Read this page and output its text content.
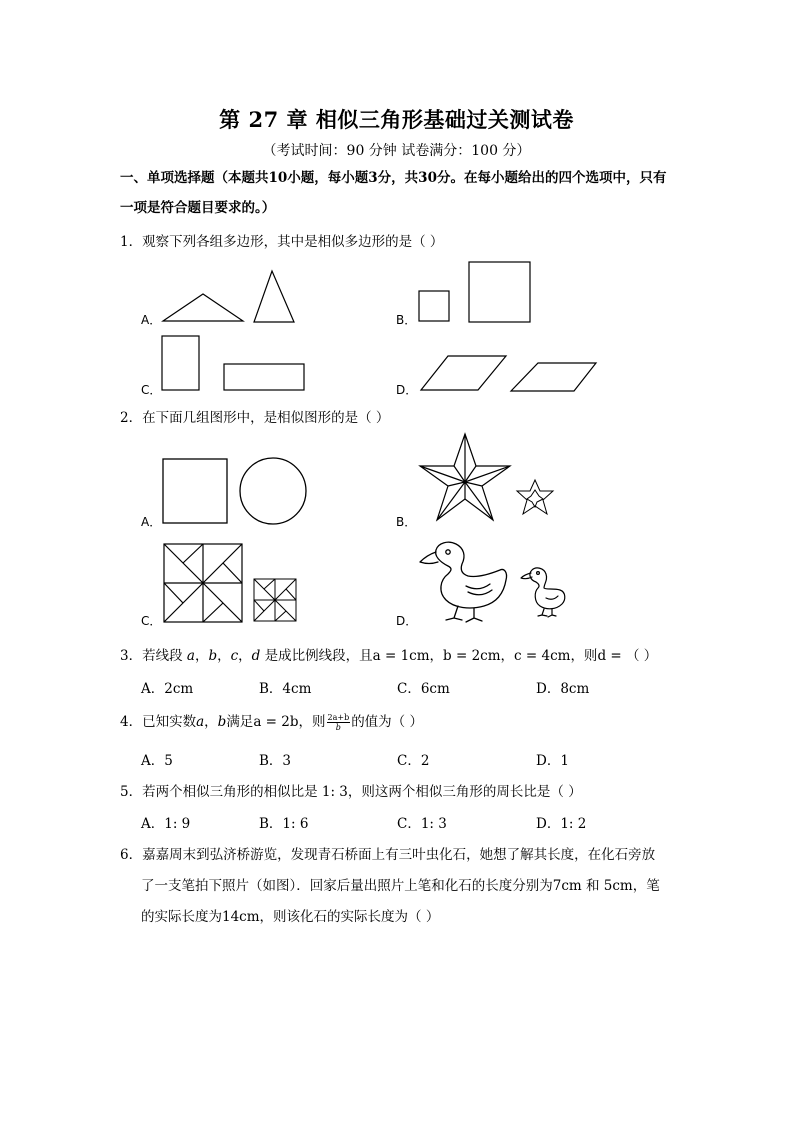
第 27 章 相似三角形基础过关测试卷
（考试时间：90 分钟 试卷满分：100 分）
一、单项选择题（本题共10小题，每小题3分，共30分。在每小题给出的四个选项中，只有
一项是符合题目要求的。）
1．观察下列各组多边形，其中是相似多边形的是（ ）
A．	B．
C．	D．
2．在下面几组图形中，是相似图形的是（ ）
A．	B．
C．	D．
3．若线段 a，b，c，d 是成比例线段，且a = 1cm，b = 2cm，c = 4cm，则d = （ ）
A．2cm	B．4cm	C．6cm	D．8cm
4．已知实数a，b满足a = 2b，则 $\frac{2a+b}{b}$ 的值为（ ）
A．5	B．3	C．2	D．1
5．若两个相似三角形的相似比是 1: 3，则这两个相似三角形的周长比是（ ）
A．1: 9	B．1: 6	C．1: 3	D．1: 2
6．嘉嘉周末到弘济桥游览，发现青石桥面上有三叶虫化石，她想了解其长度，在化石旁放
了一支笔拍下照片（如图）．回家后量出照片上笔和化石的长度分别为7cm 和 5cm，笔
的实际长度为14cm，则该化石的实际长度为（ ）
